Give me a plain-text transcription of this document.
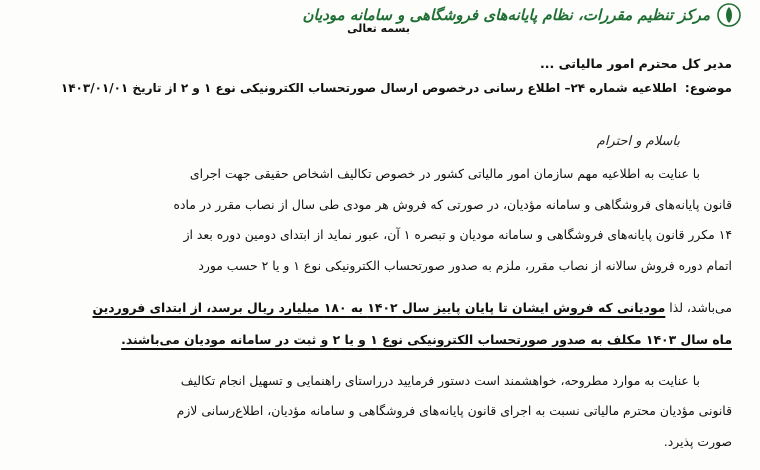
مرکز تنظیم مقررات، نظام پایانه‌های فروشگاهی و سامانه مودیان
بسمه تعالی
مدیر کل محترم امور مالیاتی ...
موضوع: اطلاعیه شماره ۲۴– اطلاع رسانی درخصوص ارسال صورتحساب الکترونیکی نوع ۱ و ۲ از تاریخ ۱۴۰۳/۰۱/۰۱
باسلام و احترام
با عنایت به اطلاعیه مهم سازمان امور مالیاتی کشور در خصوص تکالیف اشخاص حقیقی جهت اجرای
قانون پایانه‌های فروشگاهی و سامانه مؤدیان، در صورتی که فروش هر مودی طی سال از نصاب مقرر در ماده
۱۴ مکرر قانون پایانه‌های فروشگاهی و سامانه مودیان و تبصره ۱ آن، عبور نماید از ابتدای دومین دوره بعد از
اتمام دوره فروش سالانه از نصاب مقرر، ملزم به صدور صورتحساب الکترونیکی نوع ۱ و یا ۲ حسب مورد
می‌باشد، لذا مودیانی که فروش ایشان تا پایان پاییز سال ۱۴۰۲ به ۱۸۰ میلیارد ریال برسد، از ابتدای فروردین
ماه سال ۱۴۰۳ مکلف به صدور صورتحساب الکترونیکی نوع ۱ و یا ۲ و ثبت در سامانه مودیان می‌باشند.
با عنایت به موارد مطروحه، خواهشمند است دستور فرمایید درراستای راهنمایی و تسهیل انجام تکالیف
قانونی مؤدیان محترم مالیاتی نسبت به اجرای قانون پایانه‌های فروشگاهی و سامانه مؤدیان، اطلاع‌رسانی لازم
صورت پذیرد.
